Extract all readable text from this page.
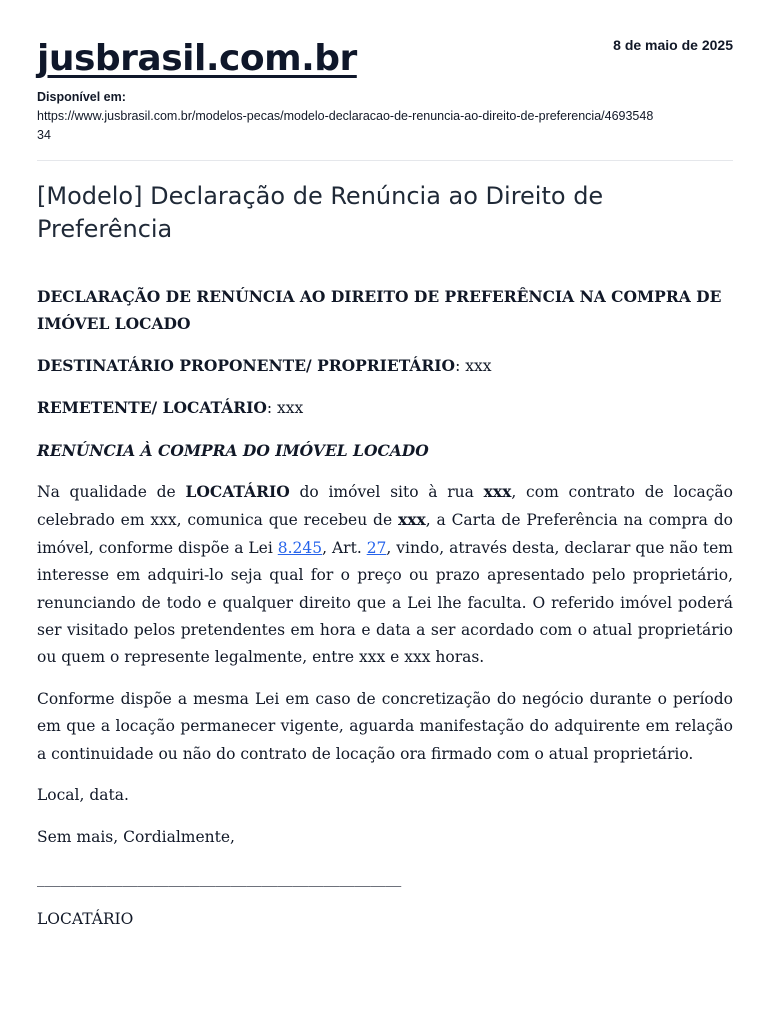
jusbrasil.com.br	8 de maio de 2025
Disponível em:
https://www.jusbrasil.com.br/modelos-pecas/modelo-declaracao-de-renuncia-ao-direito-de-preferencia/469354834
[Modelo] Declaração de Renúncia ao Direito de Preferência

DECLARAÇÃO DE RENÚNCIA AO DIREITO DE PREFERÊNCIA NA COMPRA DE IMÓVEL LOCADO

DESTINATÁRIO PROPONENTE/ PROPRIETÁRIO: xxx

REMETENTE/ LOCATÁRIO: xxx

RENÚNCIA À COMPRA DO IMÓVEL LOCADO

Na qualidade de LOCATÁRIO do imóvel sito à rua xxx, com contrato de locação celebrado em xxx, comunica que recebeu de xxx, a Carta de Preferência na compra do imóvel, conforme dispõe a Lei 8.245, Art. 27, vindo, através desta, declarar que não tem interesse em adquiri-lo seja qual for o preço ou prazo apresentado pelo proprietário, renunciando de todo e qualquer direito que a Lei lhe faculta. O referido imóvel poderá ser visitado pelos pretendentes em hora e data a ser acordado com o atual proprietário ou quem o represente legalmente, entre xxx e xxx horas.

Conforme dispõe a mesma Lei em caso de concretização do negócio durante o período em que a locação permanecer vigente, aguarda manifestação do adquirente em relação a continuidade ou não do contrato de locação ora firmado com o atual proprietário.

Local, data.

Sem mais, Cordialmente,

_______________________________________________

LOCATÁRIO
